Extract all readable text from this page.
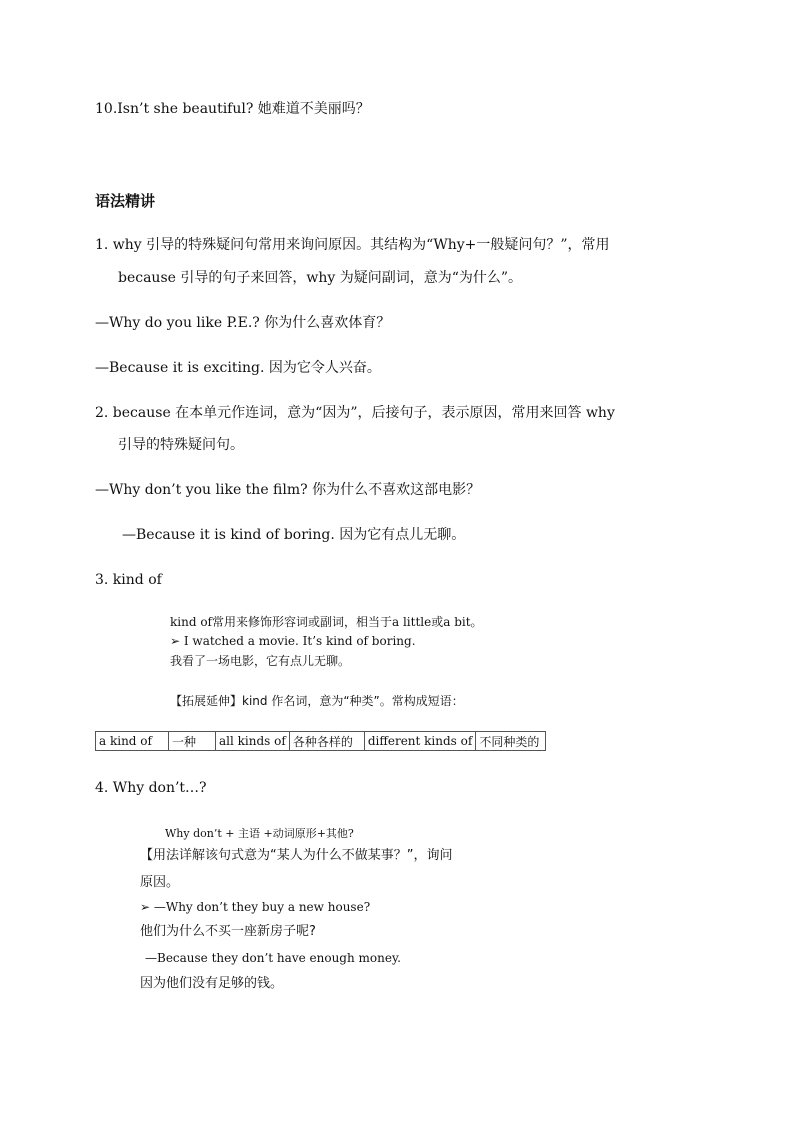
10.Isn’t she beautiful? 她难道不美丽吗？
语法精讲
1. why 引导的特殊疑问句常用来询问原因。其结构为“Why+一般疑问句？”，常用
because 引导的句子来回答，why 为疑问副词，意为“为什么”。
—Why do you like P.E.? 你为什么喜欢体育？
—Because it is exciting. 因为它令人兴奋。
2. because 在本单元作连词，意为“因为”，后接句子，表示原因，常用来回答 why
引导的特殊疑问句。
—Why don’t you like the film? 你为什么不喜欢这部电影？
—Because it is kind of boring. 因为它有点儿无聊。
3. kind of
kind of常用来修饰形容词或副词，相当于a little或a bit。
➢ I watched a movie. It’s kind of boring.
我看了一场电影，它有点儿无聊。
【拓展延伸】kind 作名词，意为“种类”。常构成短语：
a kind of	一种	all kinds of	各种各样的	different kinds of	不同种类的
4. Why don’t…?
Why don’t + 主语 +动词原形+其他?
【用法详解该句式意为“某人为什么不做某事？”，询问
原因。
➢ —Why don’t they buy a new house?
他们为什么不买一座新房子呢?
—Because they don’t have enough money.
因为他们没有足够的钱。
